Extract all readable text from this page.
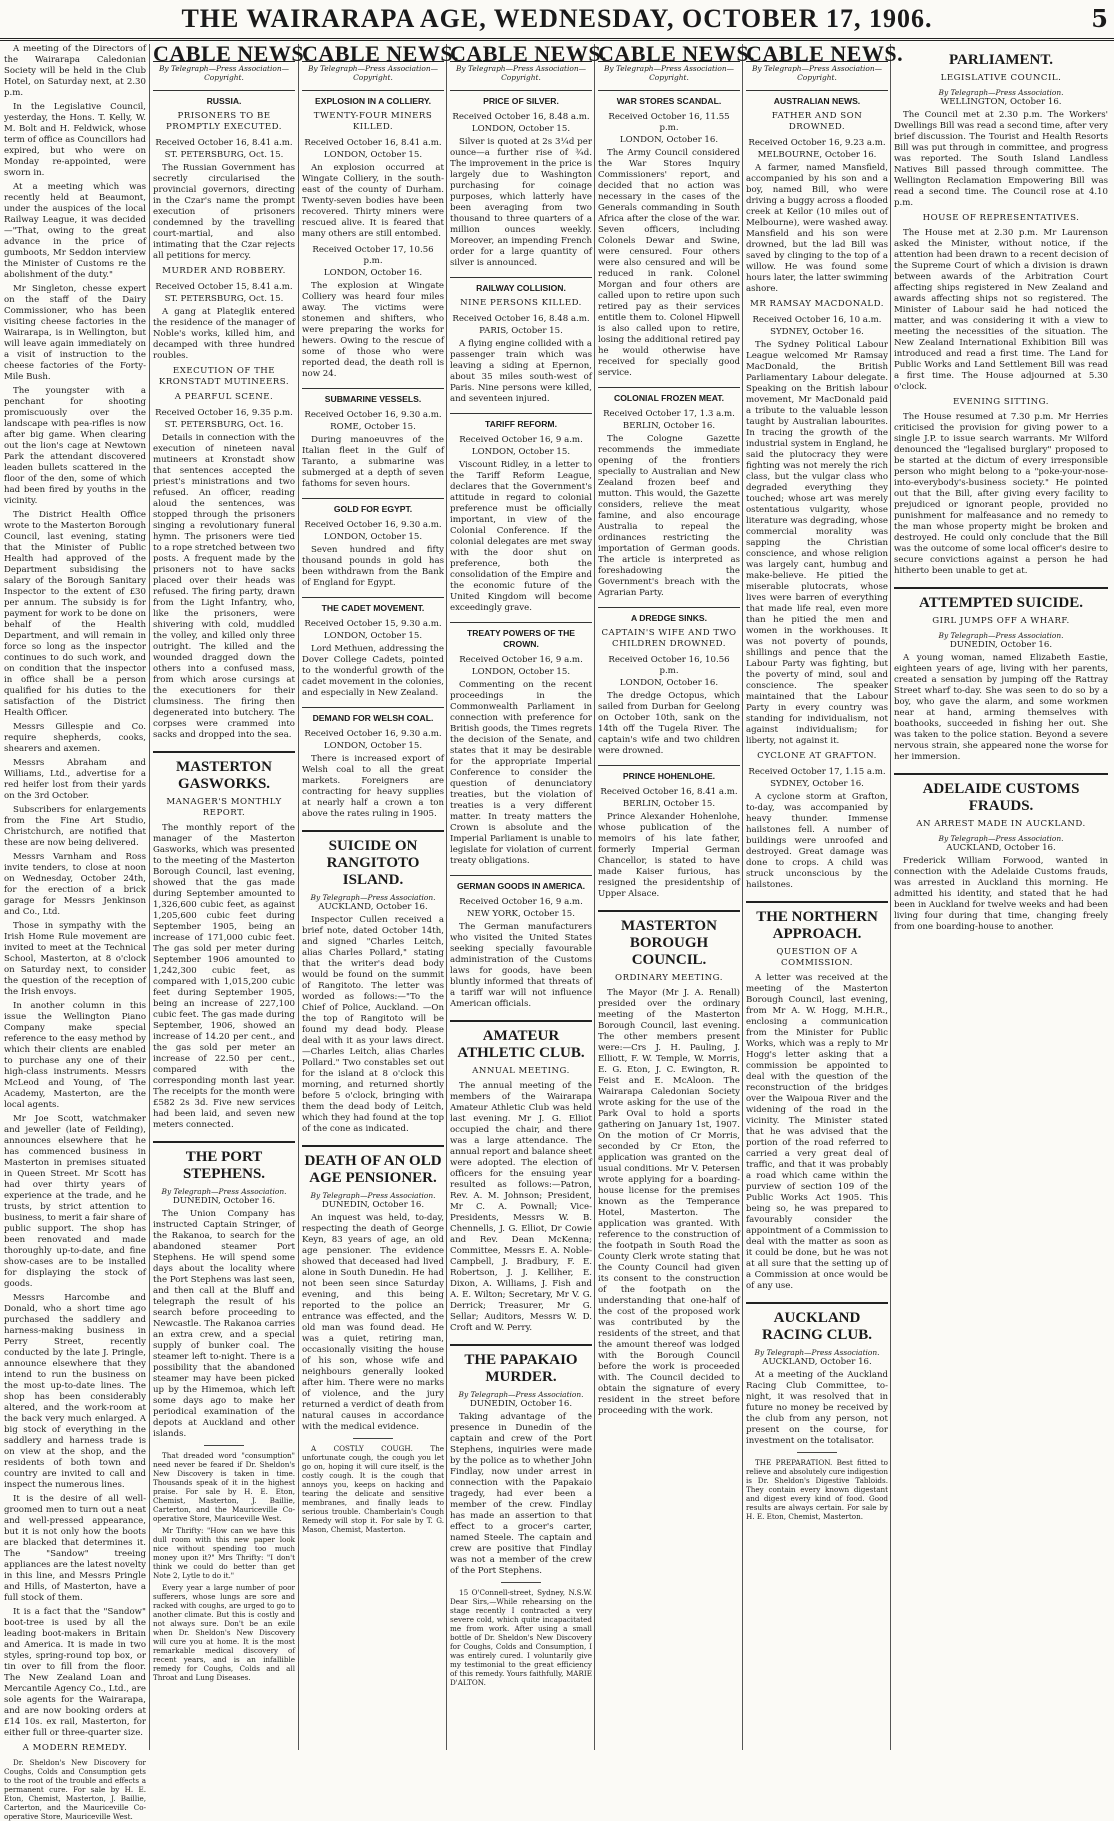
THE WAIRARAPA AGE, WEDNESDAY, OCTOBER 17, 1906.	5

A meeting of the Directors of the Wairarapa Caledonian Society will be held in the Club Hotel, on Saturday next, at 2.30 p.m.

In the Legislative Council, yesterday, the Hons. T. Kelly, W. M. Bolt and H. Feldwick, whose term of office as Councillors had expired, but who were on Monday re-appointed, were sworn in.

At a meeting which was recently held at Beaumont, under the auspices of the local Railway League, it was decided—"That, owing to the great advance in the price of gumboots, Mr Seddon interview the Minister of Customs re the abolishment of the duty."

Mr Singleton, chesse expert on the staff of the Dairy Commissioner, who has been visiting cheese factories in the Wairarapa, is in Wellington, but will leave again immediately on a visit of instruction to the cheese factories of the Forty-Mile Bush.

The youngster with a penchant for shooting promiscuously over the landscape with pea-rifles is now after big game. When clearing out the lion's cage at Newtown Park the attendant discovered leaden bullets scattered in the floor of the den, some of which had been fired by youths in the vicinity.

The District Health Office wrote to the Masterton Borough Council, last evening, stating that the Minister of Public Health had approved of the Department subsidising the salary of the Borough Sanitary Inspector to the extent of £30 per annum. The subsidy is for payment for work to be done on behalf of the Health Department, and will remain in force so long as the inspector continues to do such work, and on condition that the inspector in office shall be a person qualified for his duties to the satisfaction of the District Health Officer.

Messrs Gillespie and Co. require shepherds, cooks, shearers and axemen.

Messrs Abraham and Williams, Ltd., advertise for a red heifer lost from their yards on the 3rd October.

Subscribers for enlargements from the Fine Art Studio, Christchurch, are notified that these are now being delivered.

Messrs Varnham and Ross invite tenders, to close at noon on Wednesday, October 24th, for the erection of a brick garage for Messrs Jenkinson and Co., Ltd.

Those in sympathy with the Irish Home Rule movement are invited to meet at the Technical School, Masterton, at 8 o'clock on Saturday next, to consider the question of the reception of the Irish envoys.

In another column in this issue the Wellington Piano Company make special reference to the easy method by which their clients are enabled to purchase any one of their high-class instruments. Messrs McLeod and Young, of The Academy, Masterton, are the local agents.

Mr Joe Scott, watchmaker and jeweller (late of Feilding), announces elsewhere that he has commenced business in Masterton in premises situated in Queen Street. Mr Scott has had over thirty years of experience at the trade, and he trusts, by strict attention to business, to merit a fair share of public support. The shop has been renovated and made thoroughly up-to-date, and fine show-cases are to be installed for displaying the stock of goods.

Messrs Harcombe and Donald, who a short time ago purchased the saddlery and harness-making business in Perry Street, recently conducted by the late J. Pringle, announce elsewhere that they intend to run the business on the most up-to-date lines. The shop has been considerably altered, and the work-room at the back very much enlarged. A big stock of everything in the saddlery and harness trade is on view at the shop, and the residents of both town and country are invited to call and inspect the numerous lines.

It is the desire of all well-groomed men to turn out a neat and well-pressed appearance, but it is not only how the boots are blacked that determines it. The "Sandow" treeing appliances are the latest novelty in this line, and Messrs Pringle and Hills, of Masterton, have a full stock of them.

It is a fact that the "Sandow" boot-tree is used by all the leading boot-makers in Britain and America. It is made in two styles, spring-round top box, or tin over to fill from the floor. The New Zealand Loan and Mercantile Agency Co., Ltd., are sole agents for the Wairarapa, and are now booking orders at £14 10s. ex rail, Masterton, for either full or three-quarter size.

A MODERN REMEDY.

Dr. Sheldon's New Discovery for Coughs, Colds and Consumption gets to the root of the trouble and effects a permanent cure. For sale by H. E. Eton, Chemist, Masterton, J. Baillie, Carterton, and the Mauriceville Co-operative Store, Mauriceville West.

CABLE NEWS.
By Telegraph—Press Association—Copyright.
RUSSIA.
PRISONERS TO BE PROMPTLY EXECUTED.
Received October 16, 8.41 a.m.
ST. PETERSBURG, Oct. 15.

The Russian Government has secretly circularised the provincial governors, directing in the Czar's name the prompt execution of prisoners condemned by the travelling court-martial, and also intimating that the Czar rejects all petitions for mercy.

MURDER AND ROBBERY.
Received October 15, 8.41 a.m.
ST. PETERSBURG, Oct. 15.

A gang at Plateglik entered the residence of the manager of Noble's works, killed him, and decamped with three hundred roubles.

EXECUTION OF THE KRONSTADT MUTINEERS.
A PEARFUL SCENE.
Received October 16, 9.35 p.m.
ST. PETERSBURG, Oct. 16.

Details in connection with the execution of nineteen naval mutineers at Kronstadt show that sentences accepted the priest's ministrations and two refused. An officer, reading aloud the sentences, was stopped through the prisoners singing a revolutionary funeral hymn. The prisoners were tied to a rope stretched between two posts. A frequent made by the prisoners not to have sacks placed over their heads was refused. The firing party, drawn from the Light Infantry, who, like the prisoners, were shivering with cold, muddled the volley, and killed only three outright. The killed and the wounded dragged down the others into a confused mass, from which arose cursings at the executioners for their clumsiness. The firing then degenerated into butchery. The corpses were crammed into sacks and dropped into the sea.

MASTERTON GASWORKS.
MANAGER'S MONTHLY REPORT.

The monthly report of the manager of the Masterton Gasworks, which was presented to the meeting of the Masterton Borough Council, last evening, showed that the gas made during September amounted to 1,326,600 cubic feet, as against 1,205,600 cubic feet during September 1905, being an increase of 171,000 cubic feet. The gas sold per meter during September 1906 amounted to 1,242,300 cubic feet, as compared with 1,015,200 cubic feet during September 1905, being an increase of 227,100 cubic feet. The gas made during September, 1906, showed an increase of 14.20 per cent., and the gas sold per meter an increase of 22.50 per cent., compared with the corresponding month last year. The receipts for the month were £582 2s 3d. Five new services had been laid, and seven new meters connected.

THE PORT STEPHENS.
By Telegraph—Press Association.
DUNEDIN, October 16.

The Union Company has instructed Captain Stringer, of the Rakanoa, to search for the abandoned steamer Port Stephens. He will spend some days about the locality where the Port Stephens was last seen, and then call at the Bluff and telegraph the result of his search before proceeding to Newcastle. The Rakanoa carries an extra crew, and a special supply of bunker coal. The steamer left to-night. There is a possibility that the abandoned steamer may have been picked up by the Himemoa, which left some days ago to make her periodical examination of the depots at Auckland and other islands.

That dreaded word "consumption" need never be feared if Dr. Sheldon's New Discovery is taken in time. Thousands speak of it in the highest praise. For sale by H. E. Eton, Chemist, Masterton, J. Baillie, Carterton, and the Mauriceville Co-operative Store, Mauriceville West.

Mr Thrifty: "How can we have this dull room with this new paper look nice without spending too much money upon it?" Mrs Thrifty: "I don't think we could do better than get Note 2, Lytle to do it."

Every year a large number of poor sufferers, whose lungs are sore and racked with coughs, are urged to go to another climate. But this is costly and not always sure. Don't be an exile when Dr. Sheldon's New Discovery will cure you at home. It is the most remarkable medical discovery of recent years, and is an infallible remedy for Coughs, Colds and all Throat and Lung Diseases.

CABLE NEWS.
By Telegraph—Press Association—Copyright.
EXPLOSION IN A COLLIERY.
TWENTY-FOUR MINERS KILLED.
Received October 16, 8.41 a.m.
LONDON, October 15.

An explosion occurred at Wingate Colliery, in the south-east of the county of Durham. Twenty-seven bodies have been recovered. Thirty miners were rescued alive. It is feared that many others are still entombed.

Received October 17, 10.56 p.m.
LONDON, October 16.

The explosion at Wingate Colliery was heard four miles away. The victims were stonemen and shifters, who were preparing the works for hewers. Owing to the rescue of some of those who were reported dead, the death roll is now 24.

SUBMARINE VESSELS.
Received October 16, 9.30 a.m.
ROME, October 15.

During manoeuvres of the Italian fleet in the Gulf of Taranto, a submarine was submerged at a depth of seven fathoms for seven hours.

GOLD FOR EGYPT.
Received October 16, 9.30 a.m.
LONDON, October 15.

Seven hundred and fifty thousand pounds in gold has been withdrawn from the Bank of England for Egypt.

THE CADET MOVEMENT.
Received October 15, 9.30 a.m.
LONDON, October 15.

Lord Methuen, addressing the Dover College Cadets, pointed to the wonderful growth of the cadet movement in the colonies, and especially in New Zealand.

DEMAND FOR WELSH COAL.
Received October 16, 9.30 a.m.
LONDON, October 15.

There is increased export of Welsh coal to all the great markets. Foreigners are contracting for heavy supplies at nearly half a crown a ton above the rates ruling in 1905.

SUICIDE ON RANGITOTO ISLAND.
By Telegraph—Press Association.
AUCKLAND, October 16.

Inspector Cullen received a brief note, dated October 14th, and signed "Charles Leitch, alias Charles Pollard," stating that the writer's dead body would be found on the summit of Rangitoto. The letter was worded as follows:—"To the Chief of Police, Auckland. —On the top of Rangitoto will be found my dead body. Please deal with it as your laws direct.—Charles Leitch, alias Charles Pollard." Two constables set out for the island at 8 o'clock this morning, and returned shortly before 5 o'clock, bringing with them the dead body of Leitch, which they had found at the top of the cone as indicated.

DEATH OF AN OLD AGE PENSIONER.
By Telegraph—Press Association.
DUNEDIN, October 16.

An inquest was held, to-day, respecting the death of George Keyn, 83 years of age, an old age pensioner. The evidence showed that deceased had lived alone in South Dunedin. He had not been seen since Saturday evening, and this being reported to the police an entrance was effected, and the old man was found dead. He was a quiet, retiring man, occasionally visiting the house of his son, whose wife and neighbours generally looked after him. There were no marks of violence, and the jury returned a verdict of death from natural causes in accordance with the medical evidence.

A COSTLY COUGH. The unfortunate cough, the cough you let go on, hoping it will cure itself, is the costly cough. It is the cough that annoys you, keeps on hacking and tearing the delicate and sensitive membranes, and finally leads to serious trouble. Chamberlain's Cough Remedy will stop it. For sale by T. G. Mason, Chemist, Masterton.

CABLE NEWS.
By Telegraph—Press Association—Copyright.
PRICE OF SILVER.
Received October 16, 8.48 a.m.
LONDON, October 15.

Silver is quoted at 2s 3¼d per ounce—a further rise of ¾d. The improvement in the price is largely due to Washington purchasing for coinage purposes, which latterly have been averaging from two thousand to three quarters of a million ounces weekly. Moreover, an impending French order for a large quantity of silver is announced.

RAILWAY COLLISION.
NINE PERSONS KILLED.
Received October 16, 8.48 a.m.
PARIS, October 15.

A flying engine collided with a passenger train which was leaving a siding at Epernon, about 35 miles south-west of Paris. Nine persons were killed, and seventeen injured.

TARIFF REFORM.
Received October 16, 9 a.m.
LONDON, October 15.

Viscount Ridley, in a letter to the Tariff Reform League, declares that the Government's attitude in regard to colonial preference must be officially important, in view of the Colonial Conference. If the colonial delegates are met sway with the door shut on preference, both the consolidation of the Empire and the economic future of the United Kingdom will become exceedingly grave.

TREATY POWERS OF THE CROWN.
Received October 16, 9 a.m.
LONDON, October 15.

Commenting on the recent proceedings in the Commonwealth Parliament in connection with preference for British goods, the Times regrets the decision of the Senate, and states that it may be desirable for the appropriate Imperial Conference to consider the question of denunciatory treaties, but the violation of treaties is a very different matter. In treaty matters the Crown is absolute and the Imperial Parliament is unable to legislate for violation of current treaty obligations.

GERMAN GOODS IN AMERICA.
Received October 16, 9 a.m.
NEW YORK, October 15.

The German manufacturers who visited the United States seeking specially favourable administration of the Customs laws for goods, have been bluntly informed that threats of a tariff war will not influence American officials.

AMATEUR ATHLETIC CLUB.
ANNUAL MEETING.

The annual meeting of the members of the Wairarapa Amateur Athletic Club was held last evening. Mr J. G. Elliot occupied the chair, and there was a large attendance. The annual report and balance sheet were adopted. The election of officers for the ensuing year resulted as follows:—Patron, Rev. A. M. Johnson; President, Mr C. A. Pownall; Vice-Presidents, Messrs W. B. Chennells, J. G. Elliot, Dr Cowie and Rev. Dean McKenna; Committee, Messrs E. A. Noble-Campbell, J. Bradbury, F. E. Robertson, J. J. Kelliher, E. Dixon, A. Williams, J. Fish and A. E. Wilton; Secretary, Mr V. G. Derrick; Treasurer, Mr G. Sellar; Auditors, Messrs W. D. Croft and W. Perry.

THE PAPAKAIO MURDER.
By Telegraph—Press Association.
DUNEDIN, October 16.

Taking advantage of the presence in Dunedin of the captain and crew of the Port Stephens, inquiries were made by the police as to whether John Findlay, now under arrest in connection with the Papakaio tragedy, had ever been a member of the crew. Findlay has made an assertion to that effect to a grocer's carter, named Steele. The captain and crew are positive that Findlay was not a member of the crew of the Port Stephens.

15 O'Connell-street, Sydney, N.S.W. Dear Sirs,—While rehearsing on the stage recently I contracted a very severe cold, which quite incapacitated me from work. After using a small bottle of Dr. Sheldon's New Discovery for Coughs, Colds and Consumption, I was entirely cured. I voluntarily give my testimonial to the great efficiency of this remedy. Yours faithfully, MARIE D'ALTON.

CABLE NEWS.
By Telegraph—Press Association—Copyright.
WAR STORES SCANDAL.
Received October 16, 11.55 p.m.
LONDON, October 16.

The Army Council considered the War Stores Inquiry Commissioners' report, and decided that no action was necessary in the cases of the Generals commanding in South Africa after the close of the war. Seven officers, including Colonels Dewar and Swine, were censured. Four others were also censured and will be reduced in rank. Colonel Morgan and four others are called upon to retire upon such retired pay as their services entitle them to. Colonel Hipwell is also called upon to retire, losing the additional retired pay he would otherwise have received for specially good service.

COLONIAL FROZEN MEAT.
Received October 17, 1.3 a.m.
BERLIN, October 16.

The Cologne Gazette recommends the immediate opening of the frontiers specially to Australian and New Zealand frozen beef and mutton. This would, the Gazette considers, relieve the meat famine, and also encourage Australia to repeal the ordinances restricting the importation of German goods. The article is interpreted as foreshadowing the Government's breach with the Agrarian Party.

A DREDGE SINKS.
CAPTAIN'S WIFE AND TWO CHILDREN DROWNED.
Received October 16, 10.56 p.m.
LONDON, October 16.

The dredge Octopus, which sailed from Durban for Geelong on October 10th, sank on the 14th off the Tugela River. The captain's wife and two children were drowned.

PRINCE HOHENLOHE.
Received October 16, 8.41 a.m.
BERLIN, October 15.

Prince Alexander Hohenlohe, whose publication of the memoirs of his late father, formerly Imperial German Chancellor, is stated to have made Kaiser furious, has resigned the presidentship of Upper Alsace.

MASTERTON BOROUGH COUNCIL.
ORDINARY MEETING.

The Mayor (Mr J. A. Renall) presided over the ordinary meeting of the Masterton Borough Council, last evening. The other members present were:—Crs J. H. Pauling, J. Elliott, F. W. Temple, W. Morris, E. G. Eton, J. C. Ewington, R. Feist and E. McAloon. The Wairarapa Caledonian Society wrote asking for the use of the Park Oval to hold a sports gathering on January 1st, 1907. On the motion of Cr Morris, seconded by Cr Eton, the application was granted on the usual conditions. Mr V. Petersen wrote applying for a boarding-house license for the premises known as the Temperance Hotel, Masterton. The application was granted. With reference to the construction of the footpath in South Road the County Clerk wrote stating that the County Council had given its consent to the construction of the footpath on the understanding that one-half of the cost of the proposed work was contributed by the residents of the street, and that the amount thereof was lodged with the Borough Council before the work is proceeded with. The Council decided to obtain the signature of every resident in the street before proceeding with the work.

CABLE NEWS.
By Telegraph—Press Association—Copyright.
AUSTRALIAN NEWS.
FATHER AND SON DROWNED.
Received October 16, 9.23 a.m.
MELBOURNE, October 16.

A farmer, named Mansfield, accompanied by his son and a boy, named Bill, who were driving a buggy across a flooded creek at Keilor (10 miles out of Melbourne), were washed away. Mansfield and his son were drowned, but the lad Bill was saved by clinging to the top of a willow. He was found some hours later, the latter swimming ashore.

MR RAMSAY MACDONALD.
Received October 16, 10 a.m.
SYDNEY, October 16.

The Sydney Political Labour League welcomed Mr Ramsay MacDonald, the British Parliamentary Labour delegate. Speaking on the British labour movement, Mr MacDonald paid a tribute to the valuable lesson taught by Australian labourites. In tracing the growth of the industrial system in England, he said the plutocracy they were fighting was not merely the rich class, but the vulgar class who degraded everything they touched; whose art was merely ostentatious vulgarity, whose literature was degrading, whose commercial morality was sapping the Christian conscience, and whose religion was largely cant, humbug and make-believe. He pitied the miserable plutocrats, whose lives were barren of everything that made life real, even more than he pitied the men and women in the workhouses. It was not poverty of pounds, shillings and pence that the Labour Party was fighting, but the poverty of mind, soul and conscience. The speaker maintained that the Labour Party in every country was standing for individualism, not against individualism; for liberty, not against it.

CYCLONE AT GRAFTON.
Received October 17, 1.15 a.m.
SYDNEY, October 16.

A cyclone storm at Grafton, to-day, was accompanied by heavy thunder. Immense hailstones fell. A number of buildings were unroofed and destroyed. Great damage was done to crops. A child was struck unconscious by the hailstones.

THE NORTHERN APPROACH.
QUESTION OF A COMMISSION.

A letter was received at the meeting of the Masterton Borough Council, last evening, from Mr A. W. Hogg, M.H.R., enclosing a communication from the Minister for Public Works, which was a reply to Mr Hogg's letter asking that a commission be appointed to deal with the question of the reconstruction of the bridges over the Waipoua River and the widening of the road in the vicinity. The Minister stated that he was advised that the portion of the road referred to carried a very great deal of traffic, and that it was probably a road which came within the purview of section 109 of the Public Works Act 1905. This being so, he was prepared to favourably consider the appointment of a Commission to deal with the matter as soon as it could be done, but he was not at all sure that the setting up of a Commission at once would be of any use.

AUCKLAND RACING CLUB.
By Telegraph—Press Association.
AUCKLAND, October 16.

At a meeting of the Auckland Racing Club Committee, to-night, it was resolved that in future no money be received by the club from any person, not present on the course, for investment on the totalisator.

THE PREPARATION. Best fitted to relieve and absolutely cure indigestion is Dr. Sheldon's Digestive Tabloids. They contain every known digestant and digest every kind of food. Good results are always certain. For sale by H. E. Eton, Chemist, Masterton.

PARLIAMENT.
LEGISLATIVE COUNCIL.
By Telegraph—Press Association.
WELLINGTON, October 16.

The Council met at 2.30 p.m. The Workers' Dwellings Bill was read a second time, after very brief discussion. The Tourist and Health Resorts Bill was put through in committee, and progress was reported. The South Island Landless Natives Bill passed through committee. The Wellington Reclamation Empowering Bill was read a second time. The Council rose at 4.10 p.m.

HOUSE OF REPRESENTATIVES.

The House met at 2.30 p.m. Mr Laurenson asked the Minister, without notice, if the attention had been drawn to a recent decision of the Supreme Court of which a division is drawn between awards of the Arbitration Court affecting ships registered in New Zealand and awards affecting ships not so registered. The Minister of Labour said he had noticed the matter, and was considering it with a view to meeting the necessities of the situation. The New Zealand International Exhibition Bill was introduced and read a first time. The Land for Public Works and Land Settlement Bill was read a first time. The House adjourned at 5.30 o'clock.

EVENING SITTING.

The House resumed at 7.30 p.m. Mr Herries criticised the provision for giving power to a single J.P. to issue search warrants. Mr Wilford denounced the "legalised burglary" proposed to be started at the dictum of every irresponsible person who might belong to a "poke-your-nose-into-everybody's-business society." He pointed out that the Bill, after giving every facility to prejudiced or ignorant people, provided no punishment for malfeasance and no remedy to the man whose property might be broken and destroyed. He could only conclude that the Bill was the outcome of some local officer's desire to secure convictions against a person he had hitherto been unable to get at.

ATTEMPTED SUICIDE.
GIRL JUMPS OFF A WHARF.
By Telegraph—Press Association.
DUNEDIN, October 16.

A young woman, named Elizabeth Eastie, eighteen years of age, living with her parents, created a sensation by jumping off the Rattray Street wharf to-day. She was seen to do so by a boy, who gave the alarm, and some workmen near at hand, arming themselves with boathooks, succeeded in fishing her out. She was taken to the police station. Beyond a severe nervous strain, she appeared none the worse for her immersion.

ADELAIDE CUSTOMS FRAUDS.
AN ARREST MADE IN AUCKLAND.
By Telegraph—Press Association.
AUCKLAND, October 16.

Frederick William Forwood, wanted in connection with the Adelaide Customs frauds, was arrested in Auckland this morning. He admitted his identity, and stated that he had been in Auckland for twelve weeks and had been living four during that time, changing freely from one boarding-house to another.
